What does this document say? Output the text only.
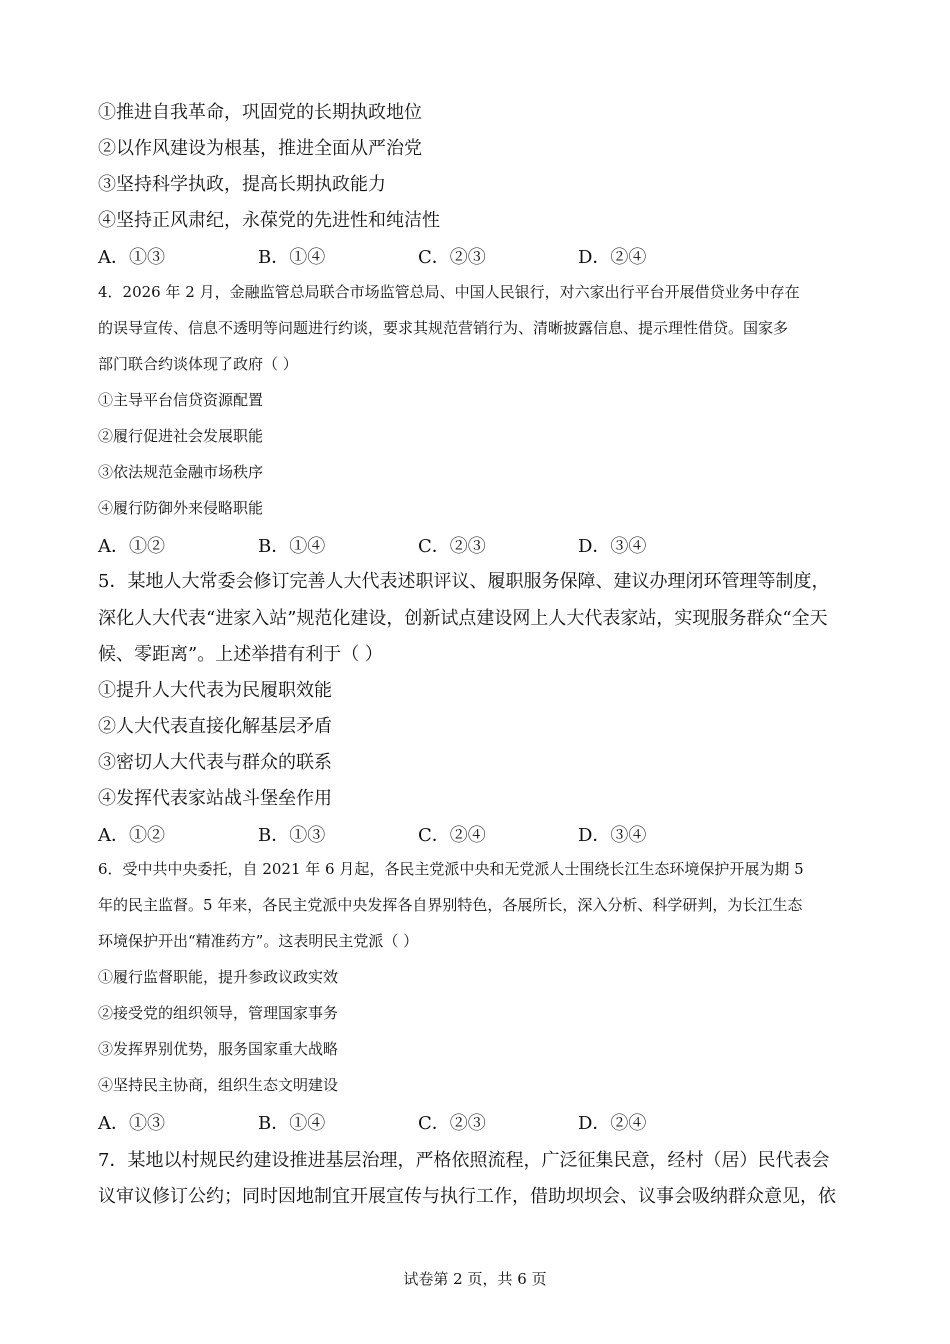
①推进自我革命，巩固党的长期执政地位
②以作风建设为根基，推进全面从严治党
③坚持科学执政，提高长期执政能力
④坚持正风肃纪，永葆党的先进性和纯洁性
A．①③	B．①④	C．②③	D．②④
4．2026 年 2 月，金融监管总局联合市场监管总局、中国人民银行，对六家出行平台开展借贷业务中存在
的误导宣传、信息不透明等问题进行约谈，要求其规范营销行为、清晰披露信息、提示理性借贷。国家多
部门联合约谈体现了政府（ ）
①主导平台信贷资源配置
②履行促进社会发展职能
③依法规范金融市场秩序
④履行防御外来侵略职能
A．①②	B．①④	C．②③	D．③④
5．某地人大常委会修订完善人大代表述职评议、履职服务保障、建议办理闭环管理等制度，
深化人大代表“进家入站”规范化建设，创新试点建设网上人大代表家站，实现服务群众“全天
候、零距离”。上述举措有利于（ ）
①提升人大代表为民履职效能
②人大代表直接化解基层矛盾
③密切人大代表与群众的联系
④发挥代表家站战斗堡垒作用
A．①②	B．①③	C．②④	D．③④
6．受中共中央委托，自 2021 年 6 月起，各民主党派中央和无党派人士围绕长江生态环境保护开展为期 5
年的民主监督。5 年来，各民主党派中央发挥各自界别特色，各展所长，深入分析、科学研判，为长江生态
环境保护开出“精准药方”。这表明民主党派（ ）
①履行监督职能，提升参政议政实效
②接受党的组织领导，管理国家事务
③发挥界别优势，服务国家重大战略
④坚持民主协商，组织生态文明建设
A．①③	B．①④	C．②③	D．②④
7．某地以村规民约建设推进基层治理，严格依照流程，广泛征集民意，经村（居）民代表会
议审议修订公约；同时因地制宜开展宣传与执行工作，借助坝坝会、议事会吸纳群众意见，依
试卷第 2 页，共 6 页
